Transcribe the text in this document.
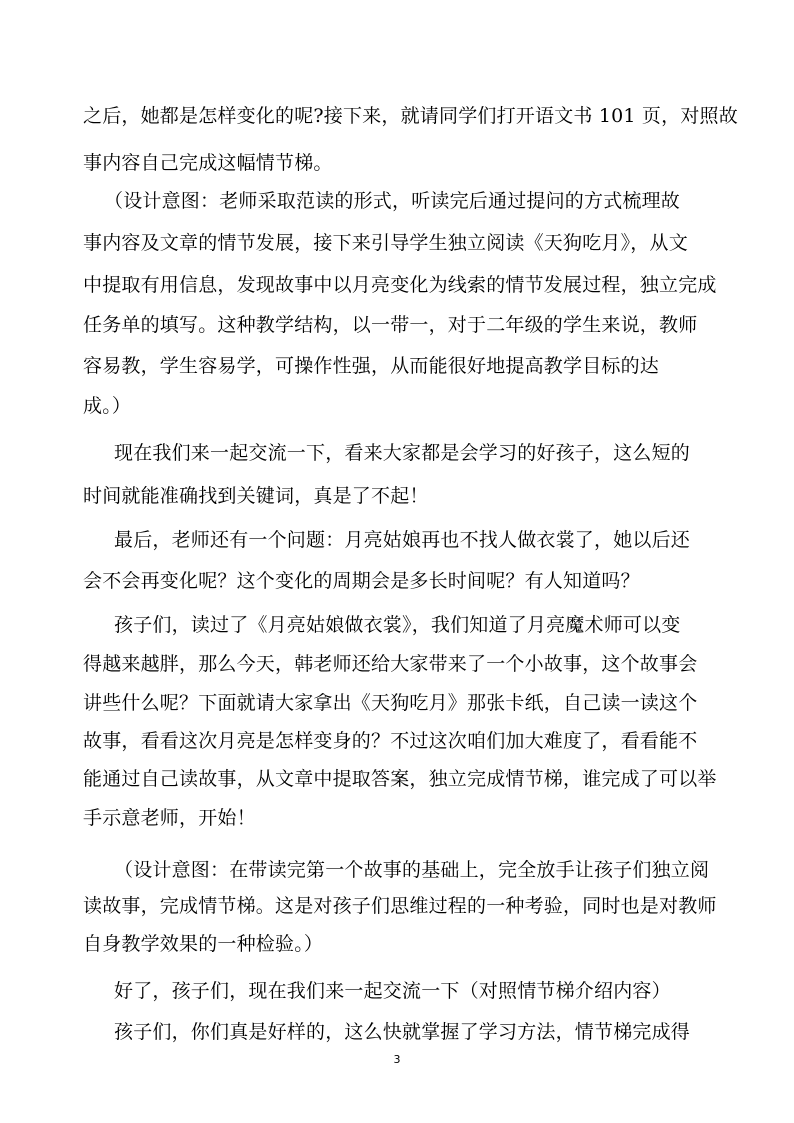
之后，她都是怎样变化的呢?接下来，就请同学们打开语文书 101 页，对照故
事内容自己完成这幅情节梯。
（设计意图：老师采取范读的形式，听读完后通过提问的方式梳理故
事内容及文章的情节发展，接下来引导学生独立阅读《天狗吃月》，从文
中提取有用信息，发现故事中以月亮变化为线索的情节发展过程，独立完成
任务单的填写。这种教学结构，以一带一，对于二年级的学生来说，教师
容易教，学生容易学，可操作性强，从而能很好地提高教学目标的达
成。）
现在我们来一起交流一下，看来大家都是会学习的好孩子，这么短的
时间就能准确找到关键词，真是了不起！
最后，老师还有一个问题：月亮姑娘再也不找人做衣裳了，她以后还
会不会再变化呢？这个变化的周期会是多长时间呢？有人知道吗？
孩子们，读过了《月亮姑娘做衣裳》，我们知道了月亮魔术师可以变
得越来越胖，那么今天，韩老师还给大家带来了一个小故事，这个故事会
讲些什么呢？下面就请大家拿出《天狗吃月》那张卡纸，自己读一读这个
故事，看看这次月亮是怎样变身的？不过这次咱们加大难度了，看看能不
能通过自己读故事，从文章中提取答案，独立完成情节梯，谁完成了可以举
手示意老师，开始！
（设计意图：在带读完第一个故事的基础上，完全放手让孩子们独立阅
读故事，完成情节梯。这是对孩子们思维过程的一种考验，同时也是对教师
自身教学效果的一种检验。）
好了，孩子们，现在我们来一起交流一下（对照情节梯介绍内容）
孩子们，你们真是好样的，这么快就掌握了学习方法，情节梯完成得
3
